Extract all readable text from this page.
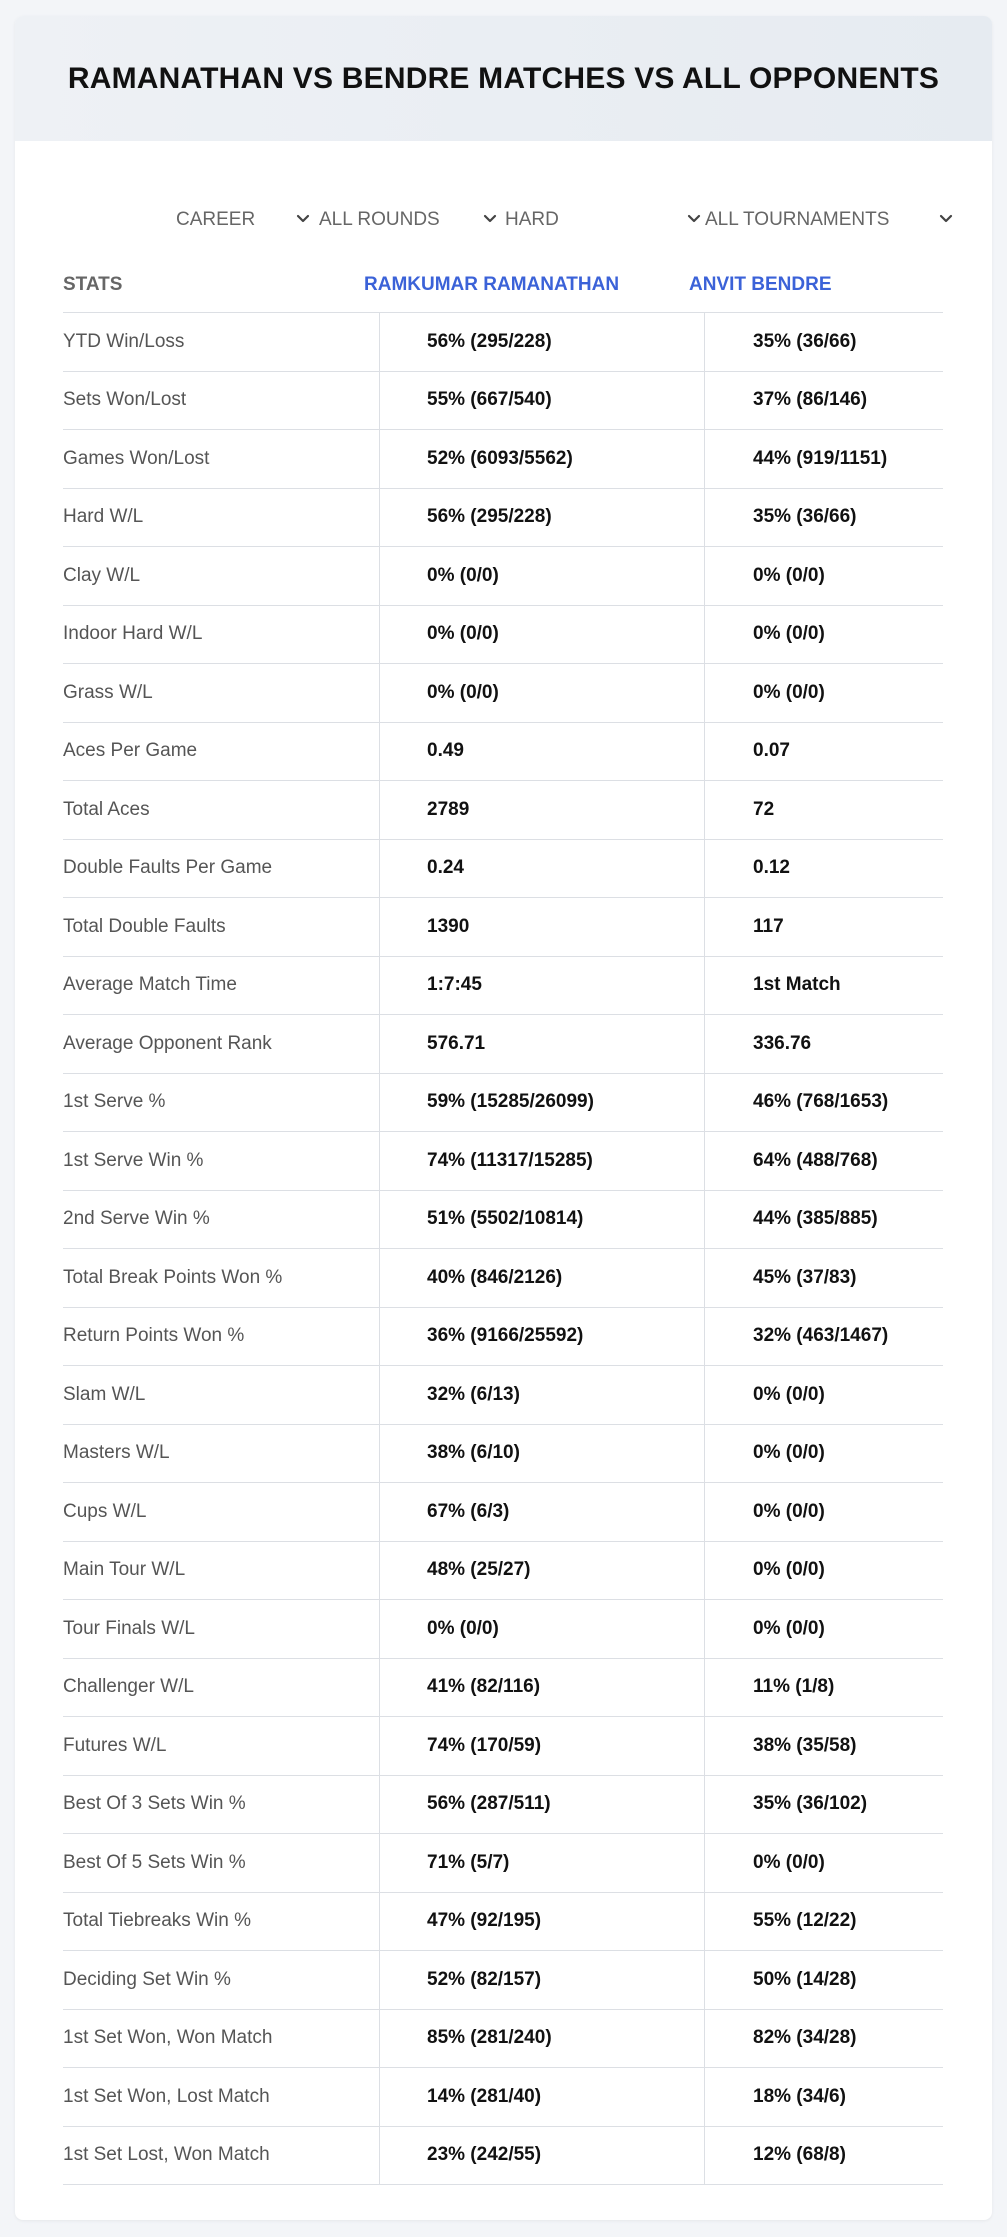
RAMANATHAN VS BENDRE MATCHES VS ALL OPPONENTS
CAREER	ALL ROUNDS	HARD	ALL TOURNAMENTS
STATS	RAMKUMAR RAMANATHAN	ANVIT BENDRE
YTD Win/Loss	56% (295/228)	35% (36/66)
Sets Won/Lost	55% (667/540)	37% (86/146)
Games Won/Lost	52% (6093/5562)	44% (919/1151)
Hard W/L	56% (295/228)	35% (36/66)
Clay W/L	0% (0/0)	0% (0/0)
Indoor Hard W/L	0% (0/0)	0% (0/0)
Grass W/L	0% (0/0)	0% (0/0)
Aces Per Game	0.49	0.07
Total Aces	2789	72
Double Faults Per Game	0.24	0.12
Total Double Faults	1390	117
Average Match Time	1:7:45	1st Match
Average Opponent Rank	576.71	336.76
1st Serve %	59% (15285/26099)	46% (768/1653)
1st Serve Win %	74% (11317/15285)	64% (488/768)
2nd Serve Win %	51% (5502/10814)	44% (385/885)
Total Break Points Won %	40% (846/2126)	45% (37/83)
Return Points Won %	36% (9166/25592)	32% (463/1467)
Slam W/L	32% (6/13)	0% (0/0)
Masters W/L	38% (6/10)	0% (0/0)
Cups W/L	67% (6/3)	0% (0/0)
Main Tour W/L	48% (25/27)	0% (0/0)
Tour Finals W/L	0% (0/0)	0% (0/0)
Challenger W/L	41% (82/116)	11% (1/8)
Futures W/L	74% (170/59)	38% (35/58)
Best Of 3 Sets Win %	56% (287/511)	35% (36/102)
Best Of 5 Sets Win %	71% (5/7)	0% (0/0)
Total Tiebreaks Win %	47% (92/195)	55% (12/22)
Deciding Set Win %	52% (82/157)	50% (14/28)
1st Set Won, Won Match	85% (281/240)	82% (34/28)
1st Set Won, Lost Match	14% (281/40)	18% (34/6)
1st Set Lost, Won Match	23% (242/55)	12% (68/8)
